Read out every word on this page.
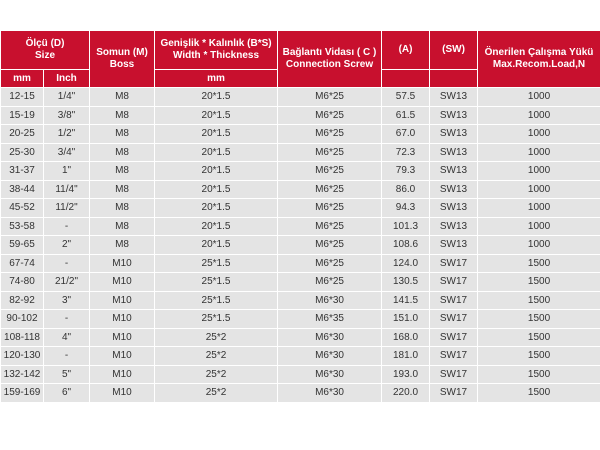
Ölçü (D)
Size		Somun (M)
Boss	Genişlik * Kalınlık (B*S)
Width * Thickness	Bağlantı Vidası ( C )
Connection Screw	(A)	(SW)	Önerilen Çalışma Yükü
Max.Recom.Load,N

mm	Inch		mm				
12-15	1/4"	M8	20*1.5	M6*25	57.5	SW13	1000
15-19	3/8"	M8	20*1.5	M6*25	61.5	SW13	1000
20-25	1/2"	M8	20*1.5	M6*25	67.0	SW13	1000
25-30	3/4"	M8	20*1.5	M6*25	72.3	SW13	1000
31-37	1"	M8	20*1.5	M6*25	79.3	SW13	1000
38-44	11/4"	M8	20*1.5	M6*25	86.0	SW13	1000
45-52	11/2"	M8	20*1.5	M6*25	94.3	SW13	1000
53-58	-	M8	20*1.5	M6*25	101.3	SW13	1000
59-65	2"	M8	20*1.5	M6*25	108.6	SW13	1000
67-74	-	M10	25*1.5	M6*25	124.0	SW17	1500
74-80	21/2"	M10	25*1.5	M6*25	130.5	SW17	1500
82-92	3"	M10	25*1.5	M6*30	141.5	SW17	1500
90-102	-	M10	25*1.5	M6*35	151.0	SW17	1500
108-118	4"	M10	25*2	M6*30	168.0	SW17	1500
120-130	-	M10	25*2	M6*30	181.0	SW17	1500
132-142	5"	M10	25*2	M6*30	193.0	SW17	1500
159-169	6"	M10	25*2	M6*30	220.0	SW17	1500
